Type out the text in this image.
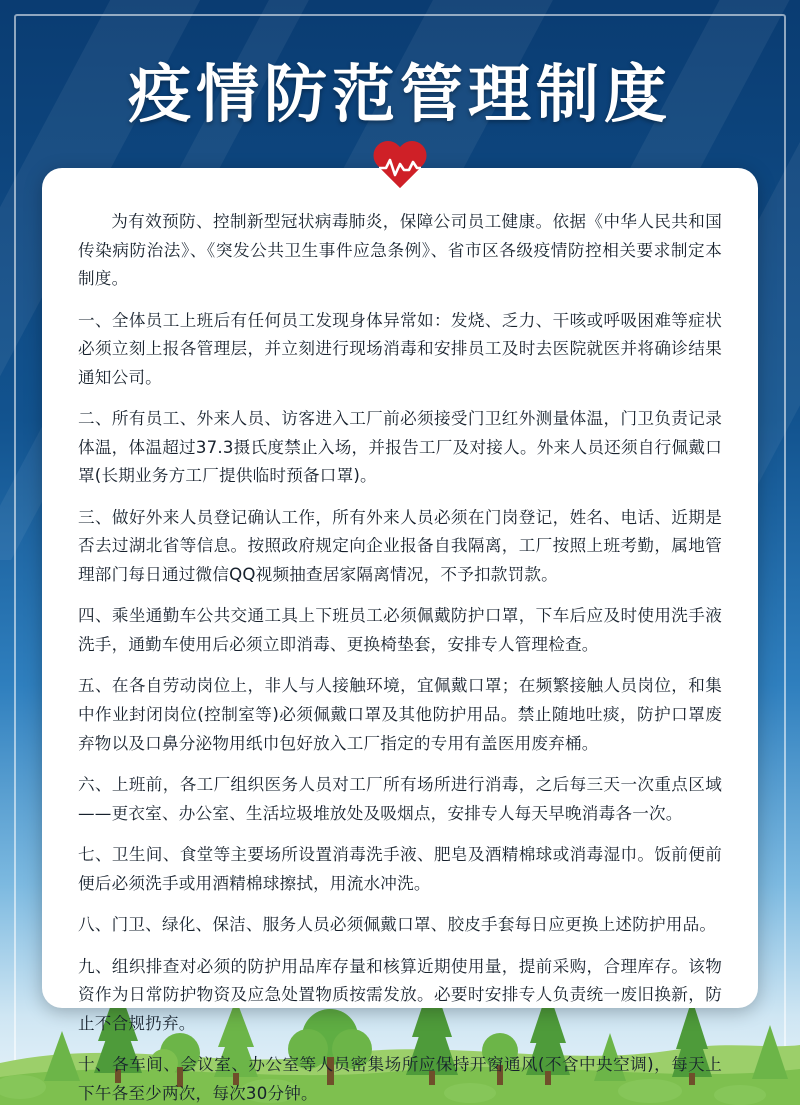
疫情防范管理制度

为有效预防、控制新型冠状病毒肺炎，保障公司员工健康。依据《中华人民共和国传染病防治法》、《突发公共卫生事件应急条例》、省市区各级疫情防控相关要求制定本制度。

一、全体员工上班后有任何员工发现身体异常如：发烧、乏力、干咳或呼吸困难等症状必须立刻上报各管理层，并立刻进行现场消毒和安排员工及时去医院就医并将确诊结果通知公司。

二、所有员工、外来人员、访客进入工厂前必须接受门卫红外测量体温，门卫负责记录体温，体温超过37.3摄氏度禁止入场，并报告工厂及对接人。外来人员还须自行佩戴口罩(长期业务方工厂提供临时预备口罩)。

三、做好外来人员登记确认工作，所有外来人员必须在门岗登记，姓名、电话、近期是否去过湖北省等信息。按照政府规定向企业报备自我隔离，工厂按照上班考勤，属地管理部门每日通过微信QQ视频抽查居家隔离情况，不予扣款罚款。

四、乘坐通勤车公共交通工具上下班员工必须佩戴防护口罩，下车后应及时使用洗手液洗手，通勤车使用后必须立即消毒、更换椅垫套，安排专人管理检查。

五、在各自劳动岗位上，非人与人接触环境，宜佩戴口罩；在频繁接触人员岗位，和集中作业封闭岗位(控制室等)必须佩戴口罩及其他防护用品。禁止随地吐痰，防护口罩废弃物以及口鼻分泌物用纸巾包好放入工厂指定的专用有盖医用废弃桶。

六、上班前，各工厂组织医务人员对工厂所有场所进行消毒，之后每三天一次重点区域——更衣室、办公室、生活垃圾堆放处及吸烟点，安排专人每天早晚消毒各一次。

七、卫生间、食堂等主要场所设置消毒洗手液、肥皂及酒精棉球或消毒湿巾。饭前便前便后必须洗手或用酒精棉球擦拭，用流水冲洗。

八、门卫、绿化、保洁、服务人员必须佩戴口罩、胶皮手套每日应更换上述防护用品。

九、组织排查对必须的防护用品库存量和核算近期使用量，提前采购，合理库存。该物资作为日常防护物资及应急处置物质按需发放。必要时安排专人负责统一废旧换新，防止不合规扔弃。

十、各车间、会议室、办公室等人员密集场所应保持开窗通风(不含中央空调)，每天上下午各至少两次，每次30分钟。
